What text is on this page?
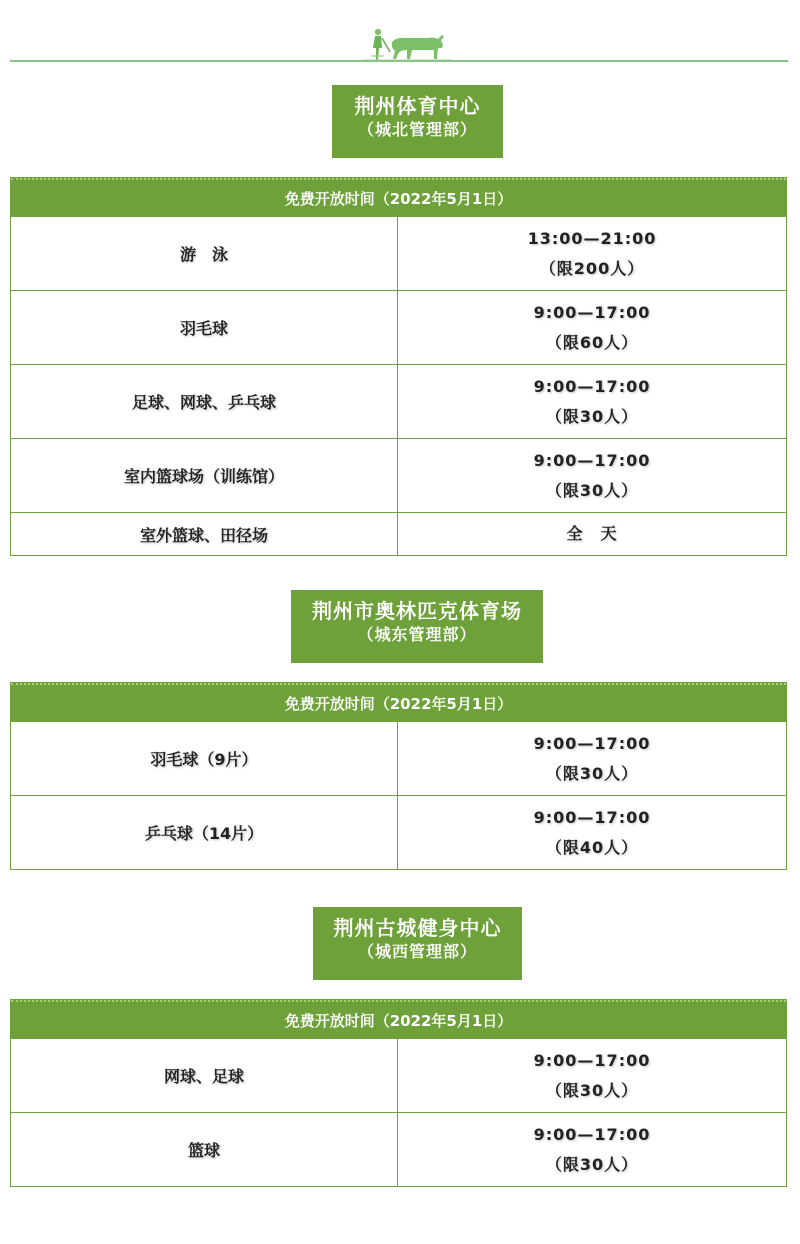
荆州体育中心
（城北管理部）
免费开放时间（2022年5月1日）
游　泳
13:00—21:00
（限200人）
羽毛球
9:00—17:00
（限60人）
足球、网球、乒乓球
9:00—17:00
（限30人）
室内篮球场（训练馆）
9:00—17:00
（限30人）
室外篮球、田径场	全　天
荆州市奥林匹克体育场
（城东管理部）
免费开放时间（2022年5月1日）
羽毛球（9片）
9:00—17:00
（限30人）
乒乓球（14片）
9:00—17:00
（限40人）
荆州古城健身中心
（城西管理部）
免费开放时间（2022年5月1日）
网球、足球
9:00—17:00
（限30人）
篮球
9:00—17:00
（限30人）
